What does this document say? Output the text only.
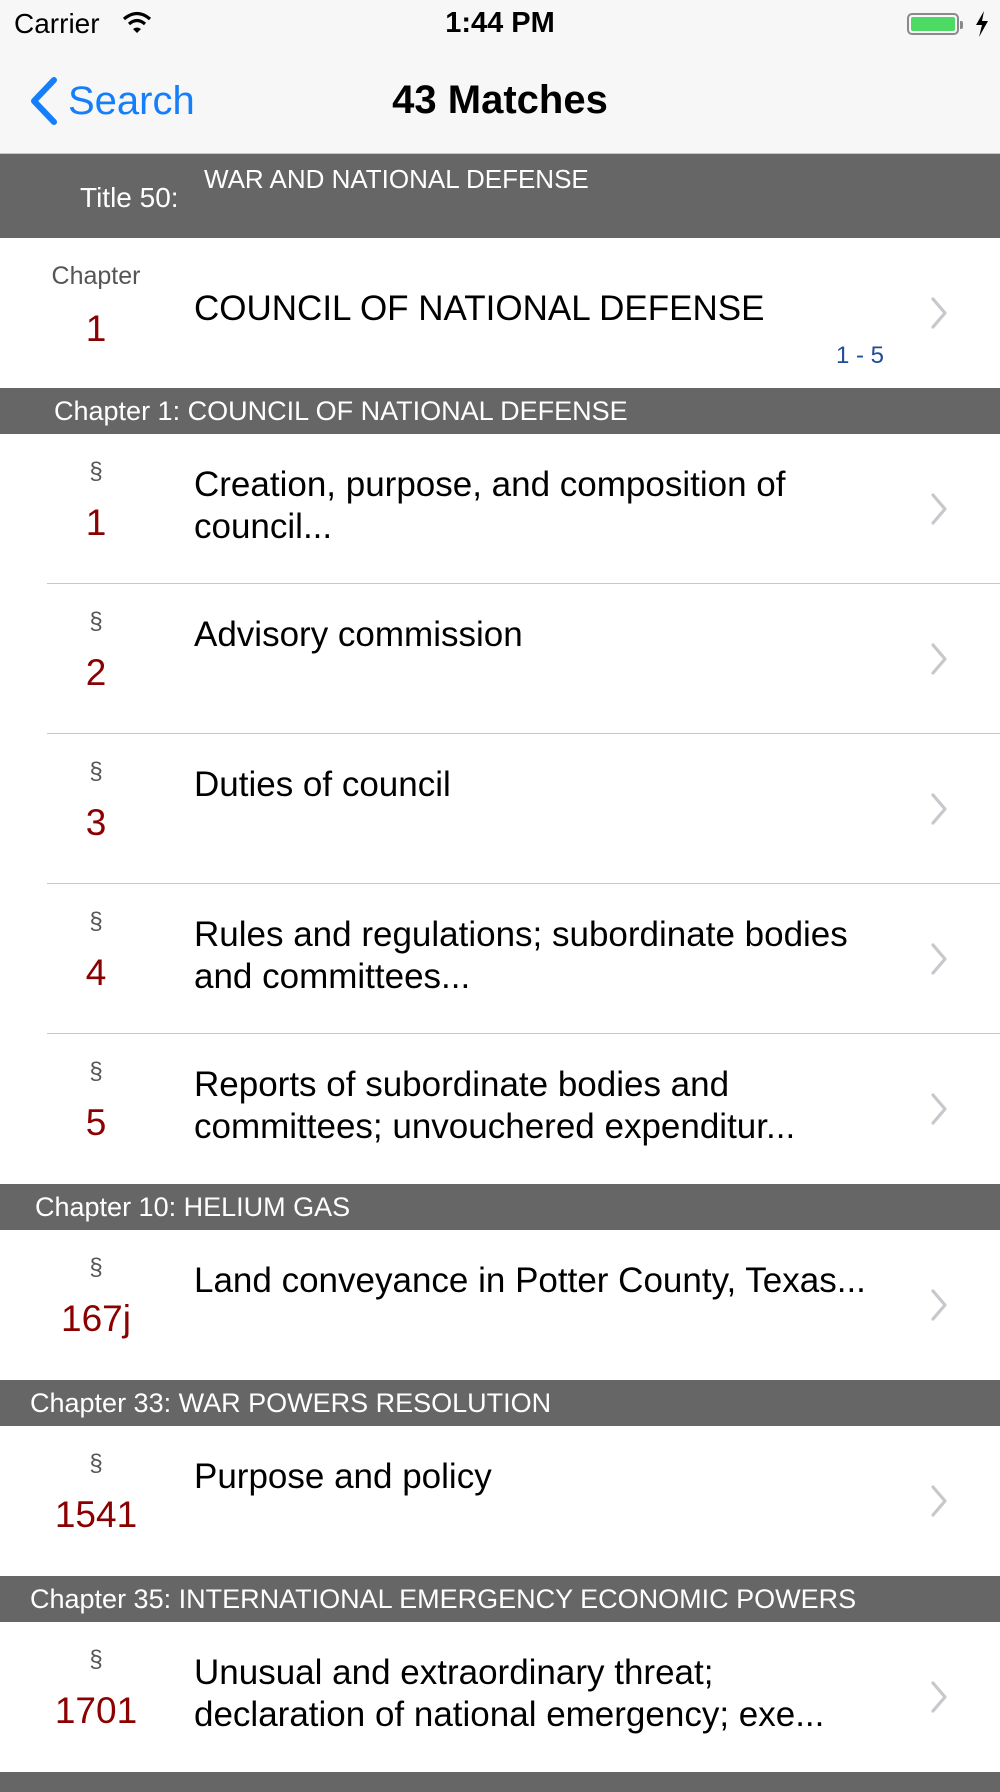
Carrier	1:44 PM
Search	43 Matches
Title 50:
WAR AND NATIONAL DEFENSE
Chapter
1	COUNCIL OF NATIONAL DEFENSE
1 - 5
Chapter 1: COUNCIL OF NATIONAL DEFENSE
§
1
Creation, purpose, and composition of council...
§
2
Advisory commission
§
3
Duties of council
§
4
Rules and regulations; subordinate bodies and committees...
§
5
Reports of subordinate bodies and committees; unvouchered expenditur...
Chapter 10: HELIUM GAS
§
167j
Land conveyance in Potter County, Texas...
Chapter 33: WAR POWERS RESOLUTION
§
1541
Purpose and policy
Chapter 35: INTERNATIONAL EMERGENCY ECONOMIC POWERS
§
1701
Unusual and extraordinary threat; declaration of national emergency; exe...
